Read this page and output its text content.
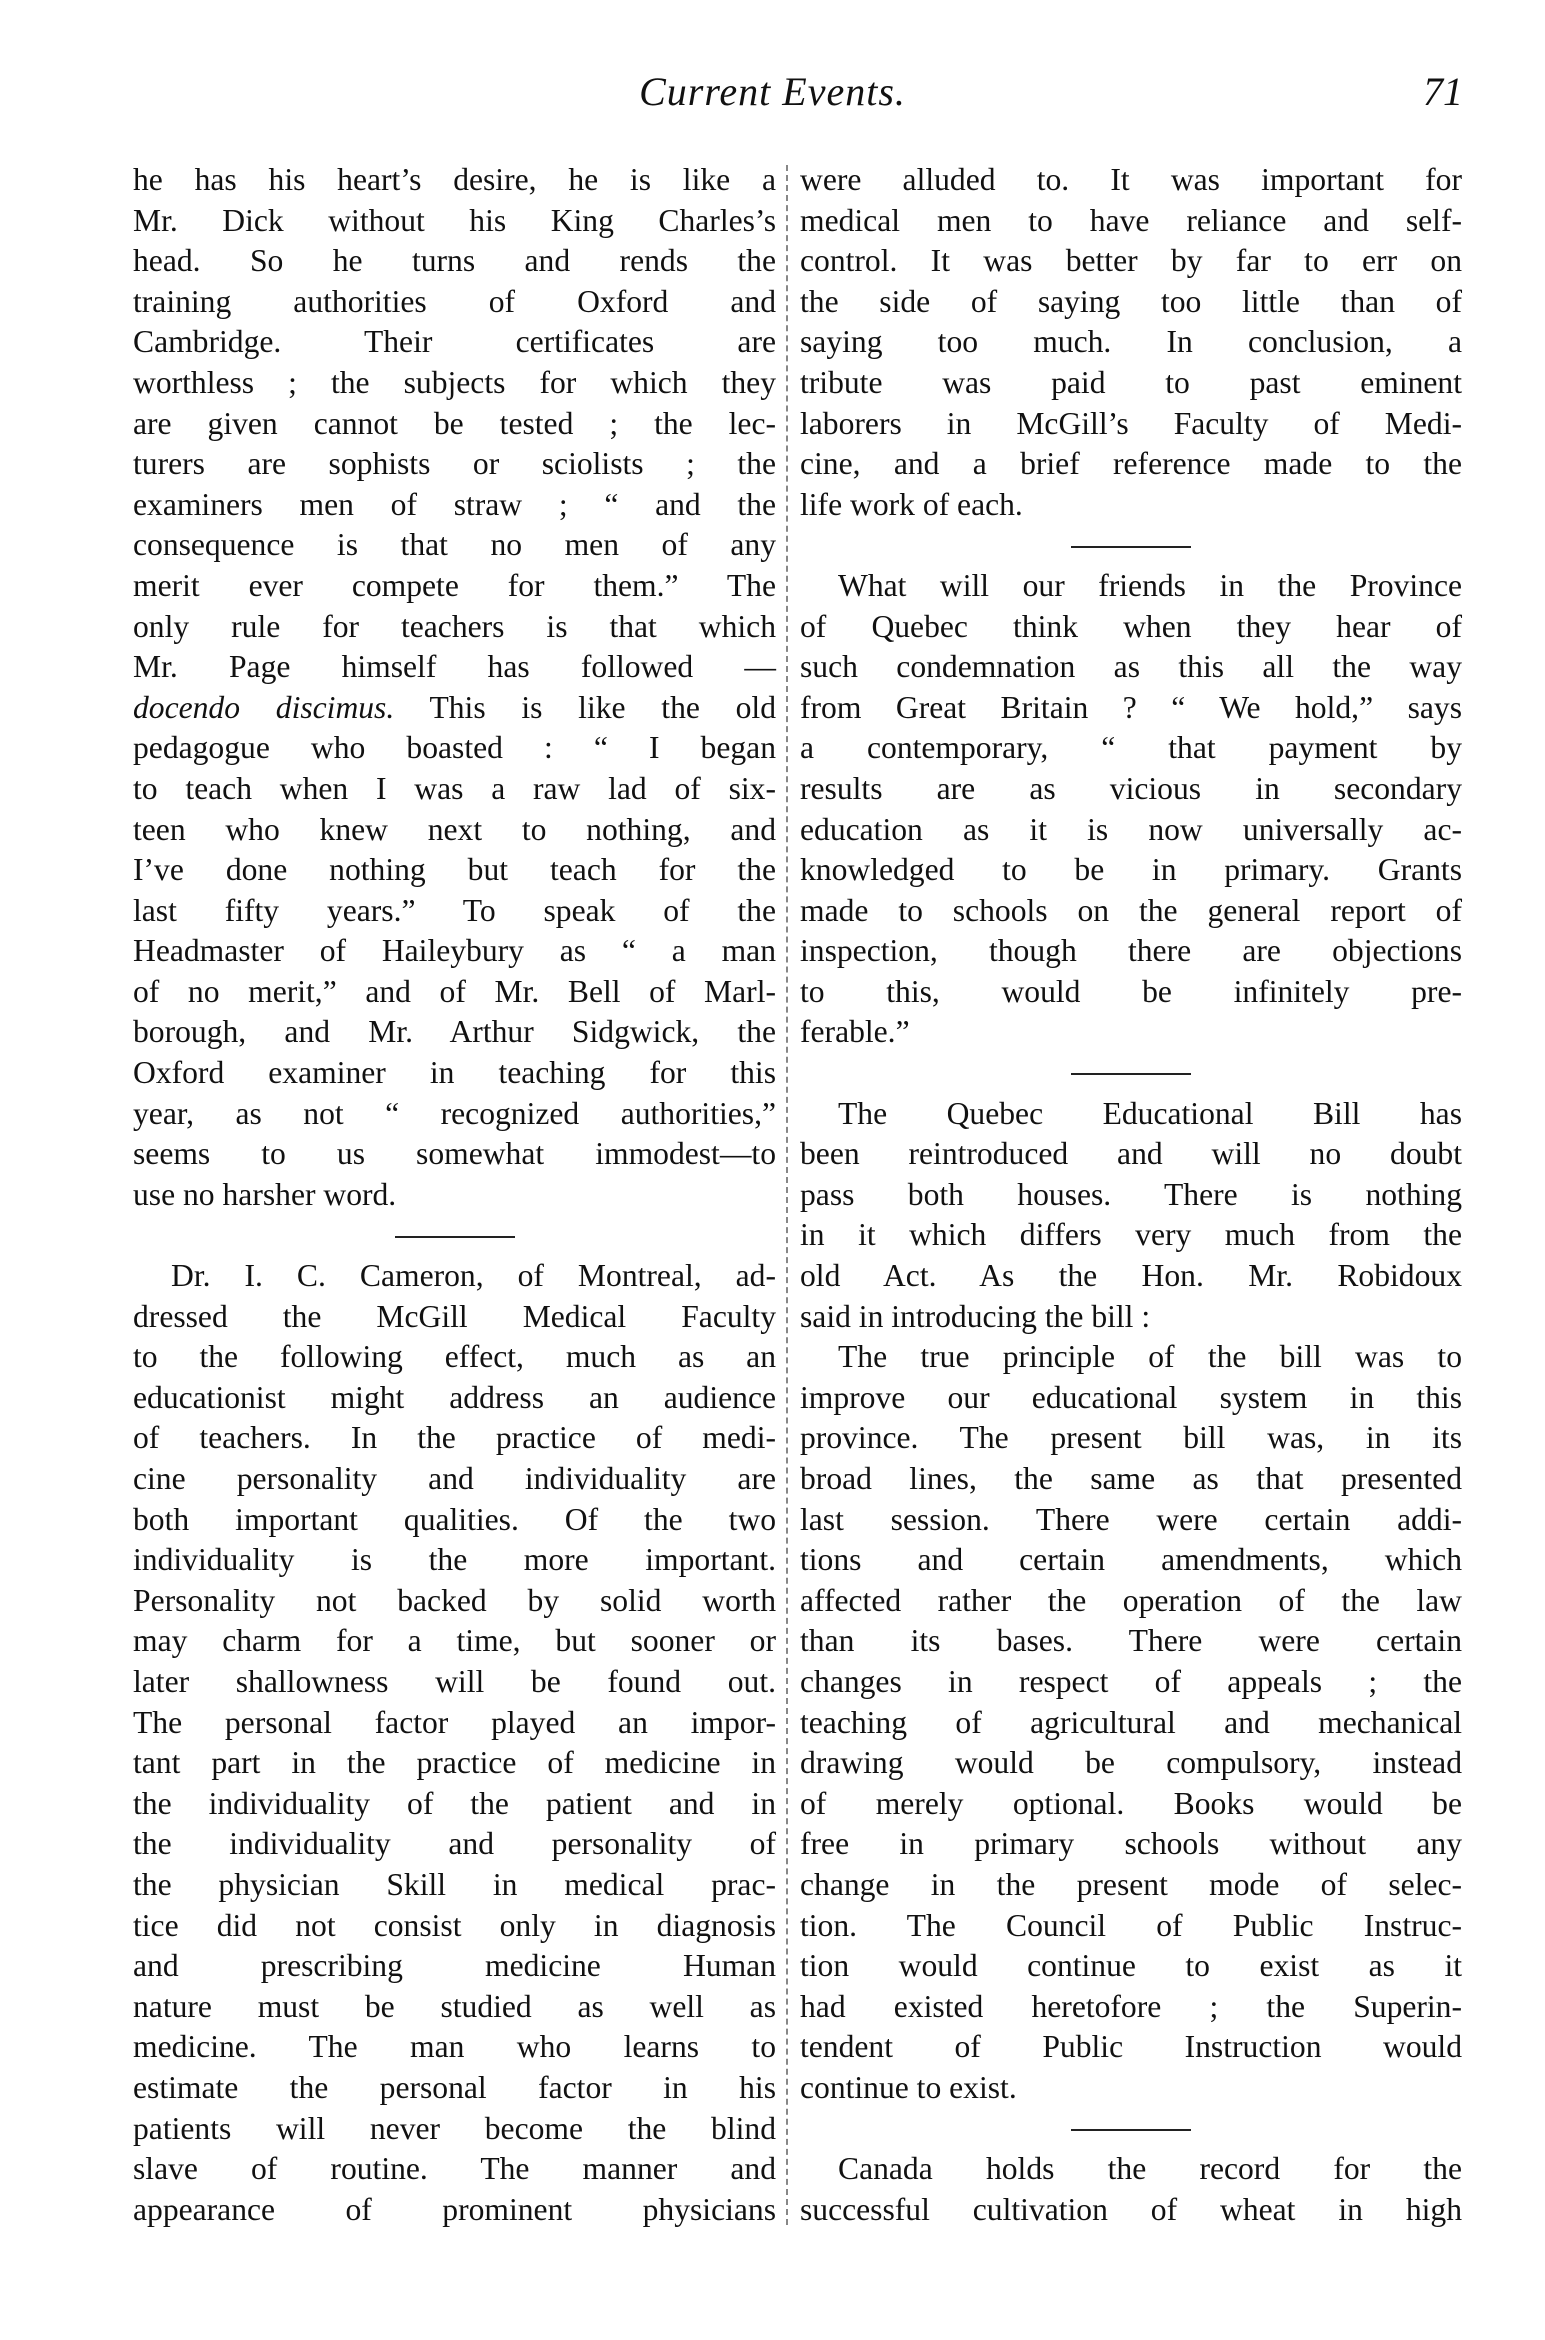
Current Events.	71
he has his heart’s desire, he is like a
Mr. Dick without his King Charles’s
head. So he turns and rends the
training authorities of Oxford and
Cambridge. Their certificates are
worthless ; the subjects for which they
are given cannot be tested ; the lec-
turers are sophists or sciolists ; the
examiners men of straw ; “ and the
consequence is that no men of any
merit ever compete for them.” The
only rule for teachers is that which
Mr. Page himself has followed —
docendo discimus. This is like the old
pedagogue who boasted : “ I began
to teach when I was a raw lad of six-
teen who knew next to nothing, and
I’ve done nothing but teach for the
last fifty years.” To speak of the
Headmaster of Haileybury as “ a man
of no merit,” and of Mr. Bell of Marl-
borough, and Mr. Arthur Sidgwick, the
Oxford examiner in teaching for this
year, as not “ recognized authorities,”
seems to us somewhat immodest—to
use no harsher word.
Dr. I. C. Cameron, of Montreal, ad-
dressed the McGill Medical Faculty
to the following effect, much as an
educationist might address an audience
of teachers. In the practice of medi-
cine personality and individuality are
both important qualities. Of the two
individuality is the more important.
Personality not backed by solid worth
may charm for a time, but sooner or
later shallowness will be found out.
The personal factor played an impor-
tant part in the practice of medicine in
the individuality of the patient and in
the individuality and personality of
the physician Skill in medical prac-
tice did not consist only in diagnosis
and prescribing medicine Human
nature must be studied as well as
medicine. The man who learns to
estimate the personal factor in his
patients will never become the blind
slave of routine. The manner and
appearance of prominent physicians
were alluded to. It was important for
medical men to have reliance and self-
control. It was better by far to err on
the side of saying too little than of
saying too much. In conclusion, a
tribute was paid to past eminent
laborers in McGill’s Faculty of Medi-
cine, and a brief reference made to the
life work of each.
What will our friends in the Province
of Quebec think when they hear of
such condemnation as this all the way
from Great Britain ? “ We hold,” says
a contemporary, “ that payment by
results are as vicious in secondary
education as it is now universally ac-
knowledged to be in primary. Grants
made to schools on the general report of
inspection, though there are objections
to this, would be infinitely pre-
ferable.”
The Quebec Educational Bill has
been reintroduced and will no doubt
pass both houses. There is nothing
in it which differs very much from the
old Act. As the Hon. Mr. Robidoux
said in introducing the bill :
The true principle of the bill was to
improve our educational system in this
province. The present bill was, in its
broad lines, the same as that presented
last session. There were certain addi-
tions and certain amendments, which
affected rather the operation of the law
than its bases. There were certain
changes in respect of appeals ; the
teaching of agricultural and mechanical
drawing would be compulsory, instead
of merely optional. Books would be
free in primary schools without any
change in the present mode of selec-
tion. The Council of Public Instruc-
tion would continue to exist as it
had existed heretofore ; the Superin-
tendent of Public Instruction would
continue to exist.
Canada holds the record for the
successful cultivation of wheat in high
